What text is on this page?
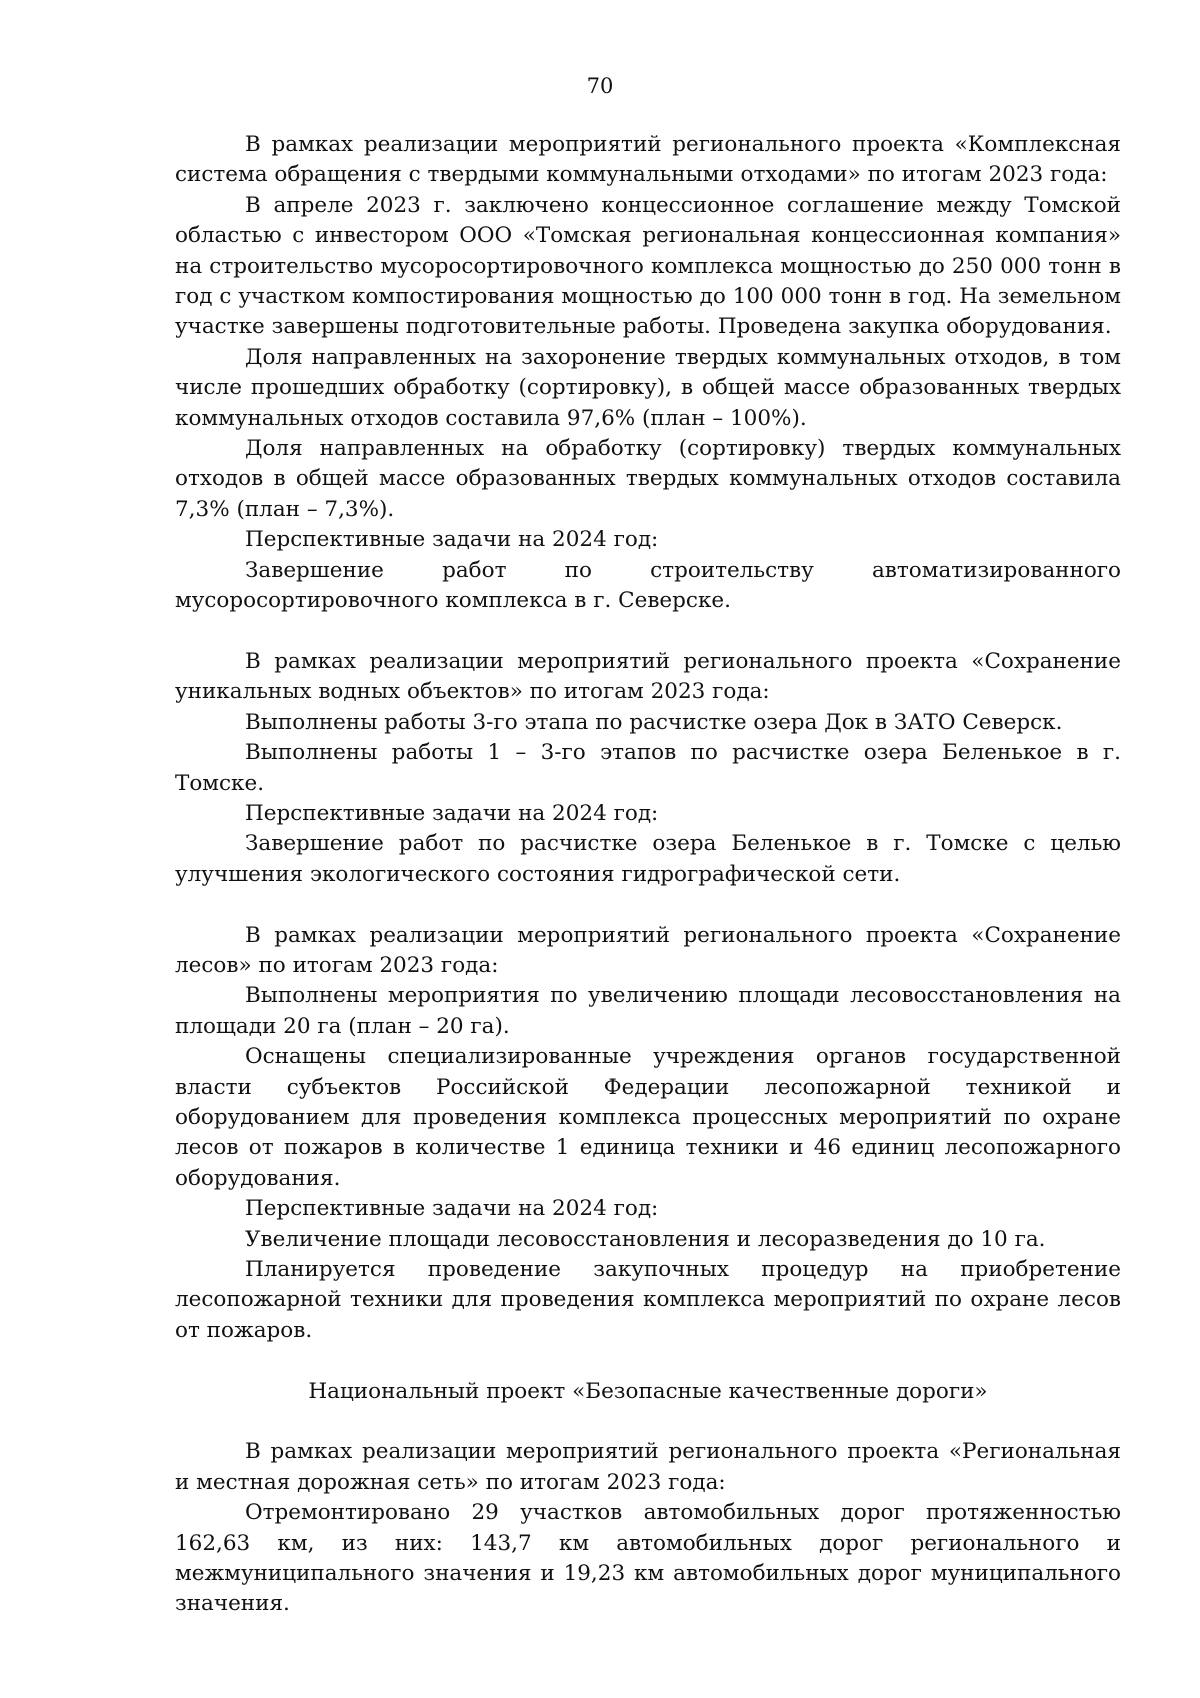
70

В рамках реализации мероприятий регионального проекта «Комплексная система обращения с твердыми коммунальными отходами» по итогам 2023 года:

В апреле 2023 г. заключено концессионное соглашение между Томской областью с инвестором ООО «Томская региональная концессионная компания» на строительство мусоросортировочного комплекса мощностью до 250 000 тонн в год с участком компостирования мощностью до 100 000 тонн в год. На земельном участке завершены подготовительные работы. Проведена закупка оборудования.

Доля направленных на захоронение твердых коммунальных отходов, в том числе прошедших обработку (сортировку), в общей массе образованных твердых коммунальных отходов составила 97,6% (план – 100%).

Доля направленных на обработку (сортировку) твердых коммунальных отходов в общей массе образованных твердых коммунальных отходов составила 7,3% (план – 7,3%).

Перспективные задачи на 2024 год:

Завершение работ по строительству автоматизированного мусоросортировочного комплекса в г. Северске.

В рамках реализации мероприятий регионального проекта «Сохранение уникальных водных объектов» по итогам 2023 года:

Выполнены работы 3-го этапа по расчистке озера Док в ЗАТО Северск.

Выполнены работы 1 – 3-го этапов по расчистке озера Беленькое в г. Томске.

Перспективные задачи на 2024 год:

Завершение работ по расчистке озера Беленькое в г. Томске с целью улучшения экологического состояния гидрографической сети.

В рамках реализации мероприятий регионального проекта «Сохранение лесов» по итогам 2023 года:

Выполнены мероприятия по увеличению площади лесовосстановления на площади 20 га (план – 20 га).

Оснащены специализированные учреждения органов государственной власти субъектов Российской Федерации лесопожарной техникой и оборудованием для проведения комплекса процессных мероприятий по охране лесов от пожаров в количестве 1 единица техники и 46 единиц лесопожарного оборудования.

Перспективные задачи на 2024 год:

Увеличение площади лесовосстановления и лесоразведения до 10 га.

Планируется проведение закупочных процедур на приобретение лесопожарной техники для проведения комплекса мероприятий по охране лесов от пожаров.

Национальный проект «Безопасные качественные дороги»

В рамках реализации мероприятий регионального проекта «Региональная и местная дорожная сеть» по итогам 2023 года:

Отремонтировано 29 участков автомобильных дорог протяженностью 162,63 км, из них: 143,7 км автомобильных дорог регионального и межмуниципального значения и 19,23 км автомобильных дорог муниципального значения.
